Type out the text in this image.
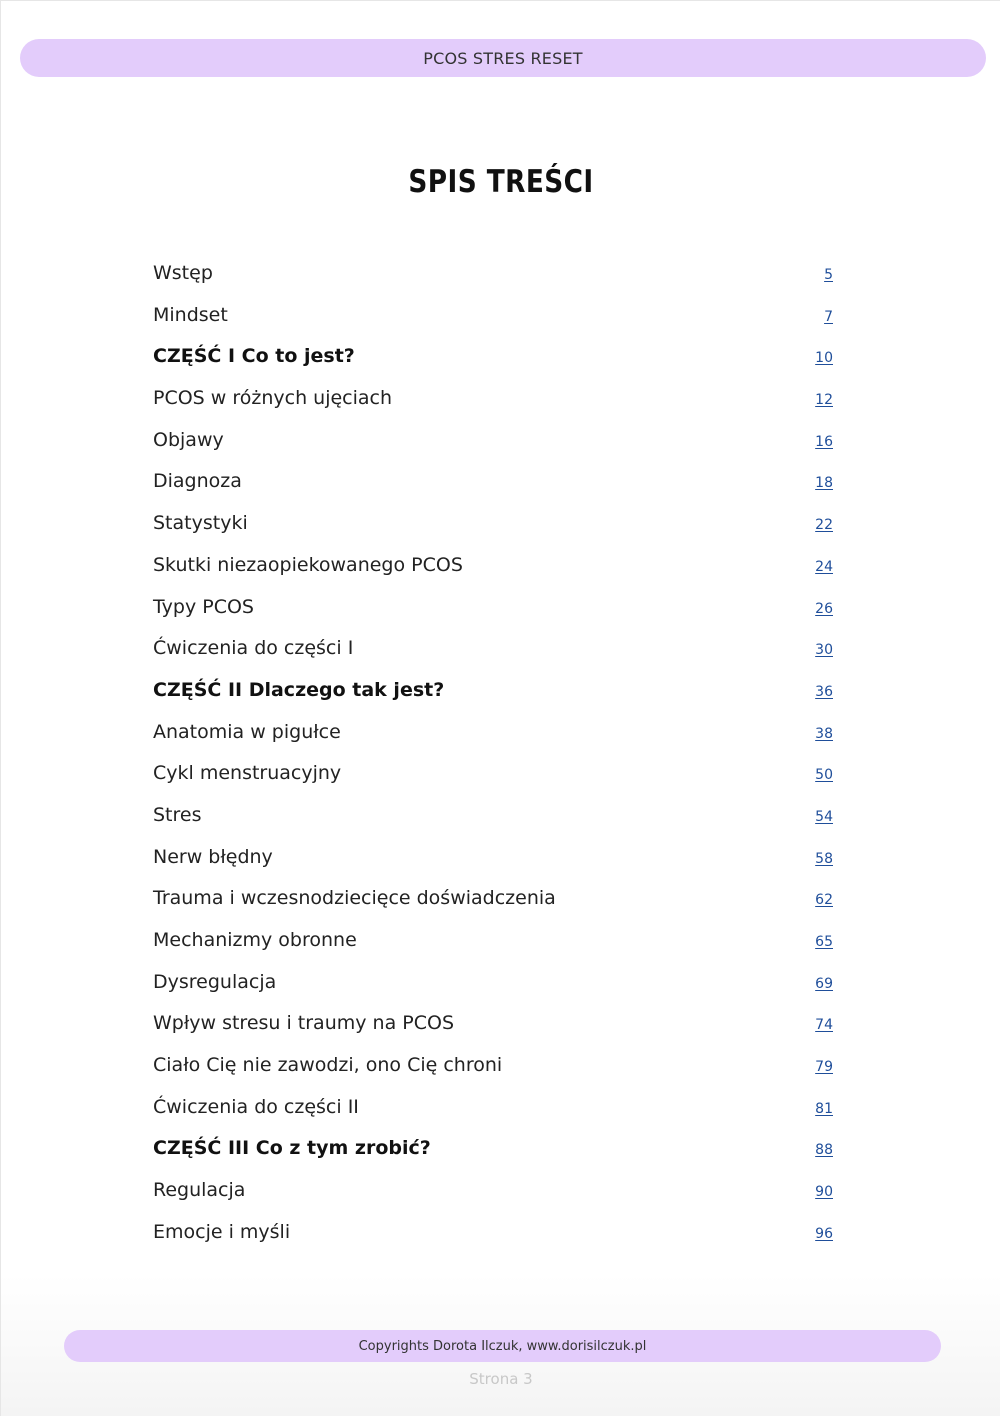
PCOS STRES RESET
SPIS TREŚCI
Wstęp	5
Mindset	7
CZĘŚĆ I Co to jest?	10
PCOS w różnych ujęciach	12
Objawy	16
Diagnoza	18
Statystyki	22
Skutki niezaopiekowanego PCOS	24
Typy PCOS	26
Ćwiczenia do części I	30
CZĘŚĆ II Dlaczego tak jest?	36
Anatomia w pigułce	38
Cykl menstruacyjny	50
Stres	54
Nerw błędny	58
Trauma i wczesnodziecięce doświadczenia	62
Mechanizmy obronne	65
Dysregulacja	69
Wpływ stresu i traumy na PCOS	74
Ciało Cię nie zawodzi, ono Cię chroni	79
Ćwiczenia do części II	81
CZĘŚĆ III Co z tym zrobić?	88
Regulacja	90
Emocje i myśli	96
Copyrights Dorota Ilczuk, www.dorisilczuk.pl
Strona 3
